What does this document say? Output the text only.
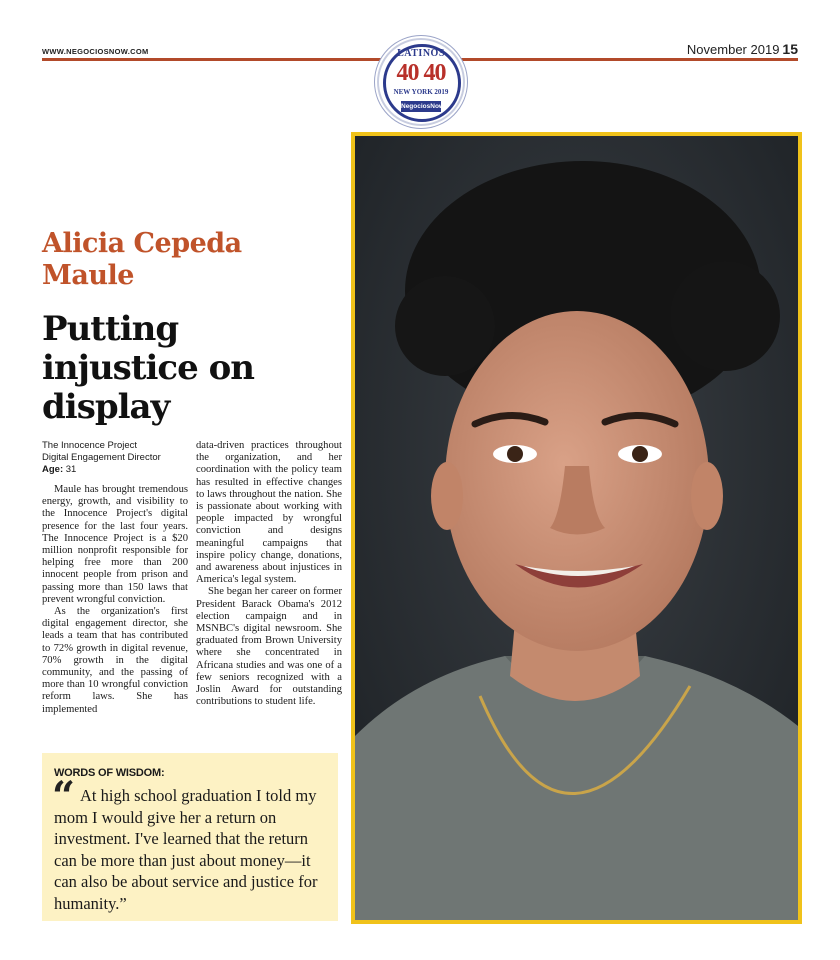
WWW.NEGOCIOSNOW.COM	November 2019 15
LATINOS
40 40
NEW YORK 2019
NegociosNow
Alicia Cepeda Maule
Putting injustice on display
The Innocence Project
Digital Engagement Director
Age: 31

Maule has brought tremendous energy, growth, and visibility to the Innocence Project's digital presence for the last four years. The Innocence Project is a $20 million nonprofit responsible for helping free more than 200 innocent people from prison and passing more than 150 laws that prevent wrongful conviction.

As the organization's first digital engagement director, she leads a team that has contributed to 72% growth in digital revenue, 70% growth in the digital community, and the passing of more than 10 wrongful conviction reform laws. She has implemented

data-driven practices throughout the organization, and her coordination with the policy team has resulted in effective changes to laws throughout the nation. She is passionate about working with people impacted by wrongful conviction and designs meaningful campaigns that inspire policy change, donations, and awareness about injustices in America's legal system.

She began her career on former President Barack Obama's 2012 election campaign and in MSNBC's digital newsroom. She graduated from Brown University where she concentrated in Africana studies and was one of a few seniors recognized with a Joslin Award for outstanding contributions to student life.

WORDS OF WISDOM:
“ At high school graduation I told my mom I would give her a return on investment. I've learned that the return can be more than just about money—it can also be about service and justice for humanity.”
